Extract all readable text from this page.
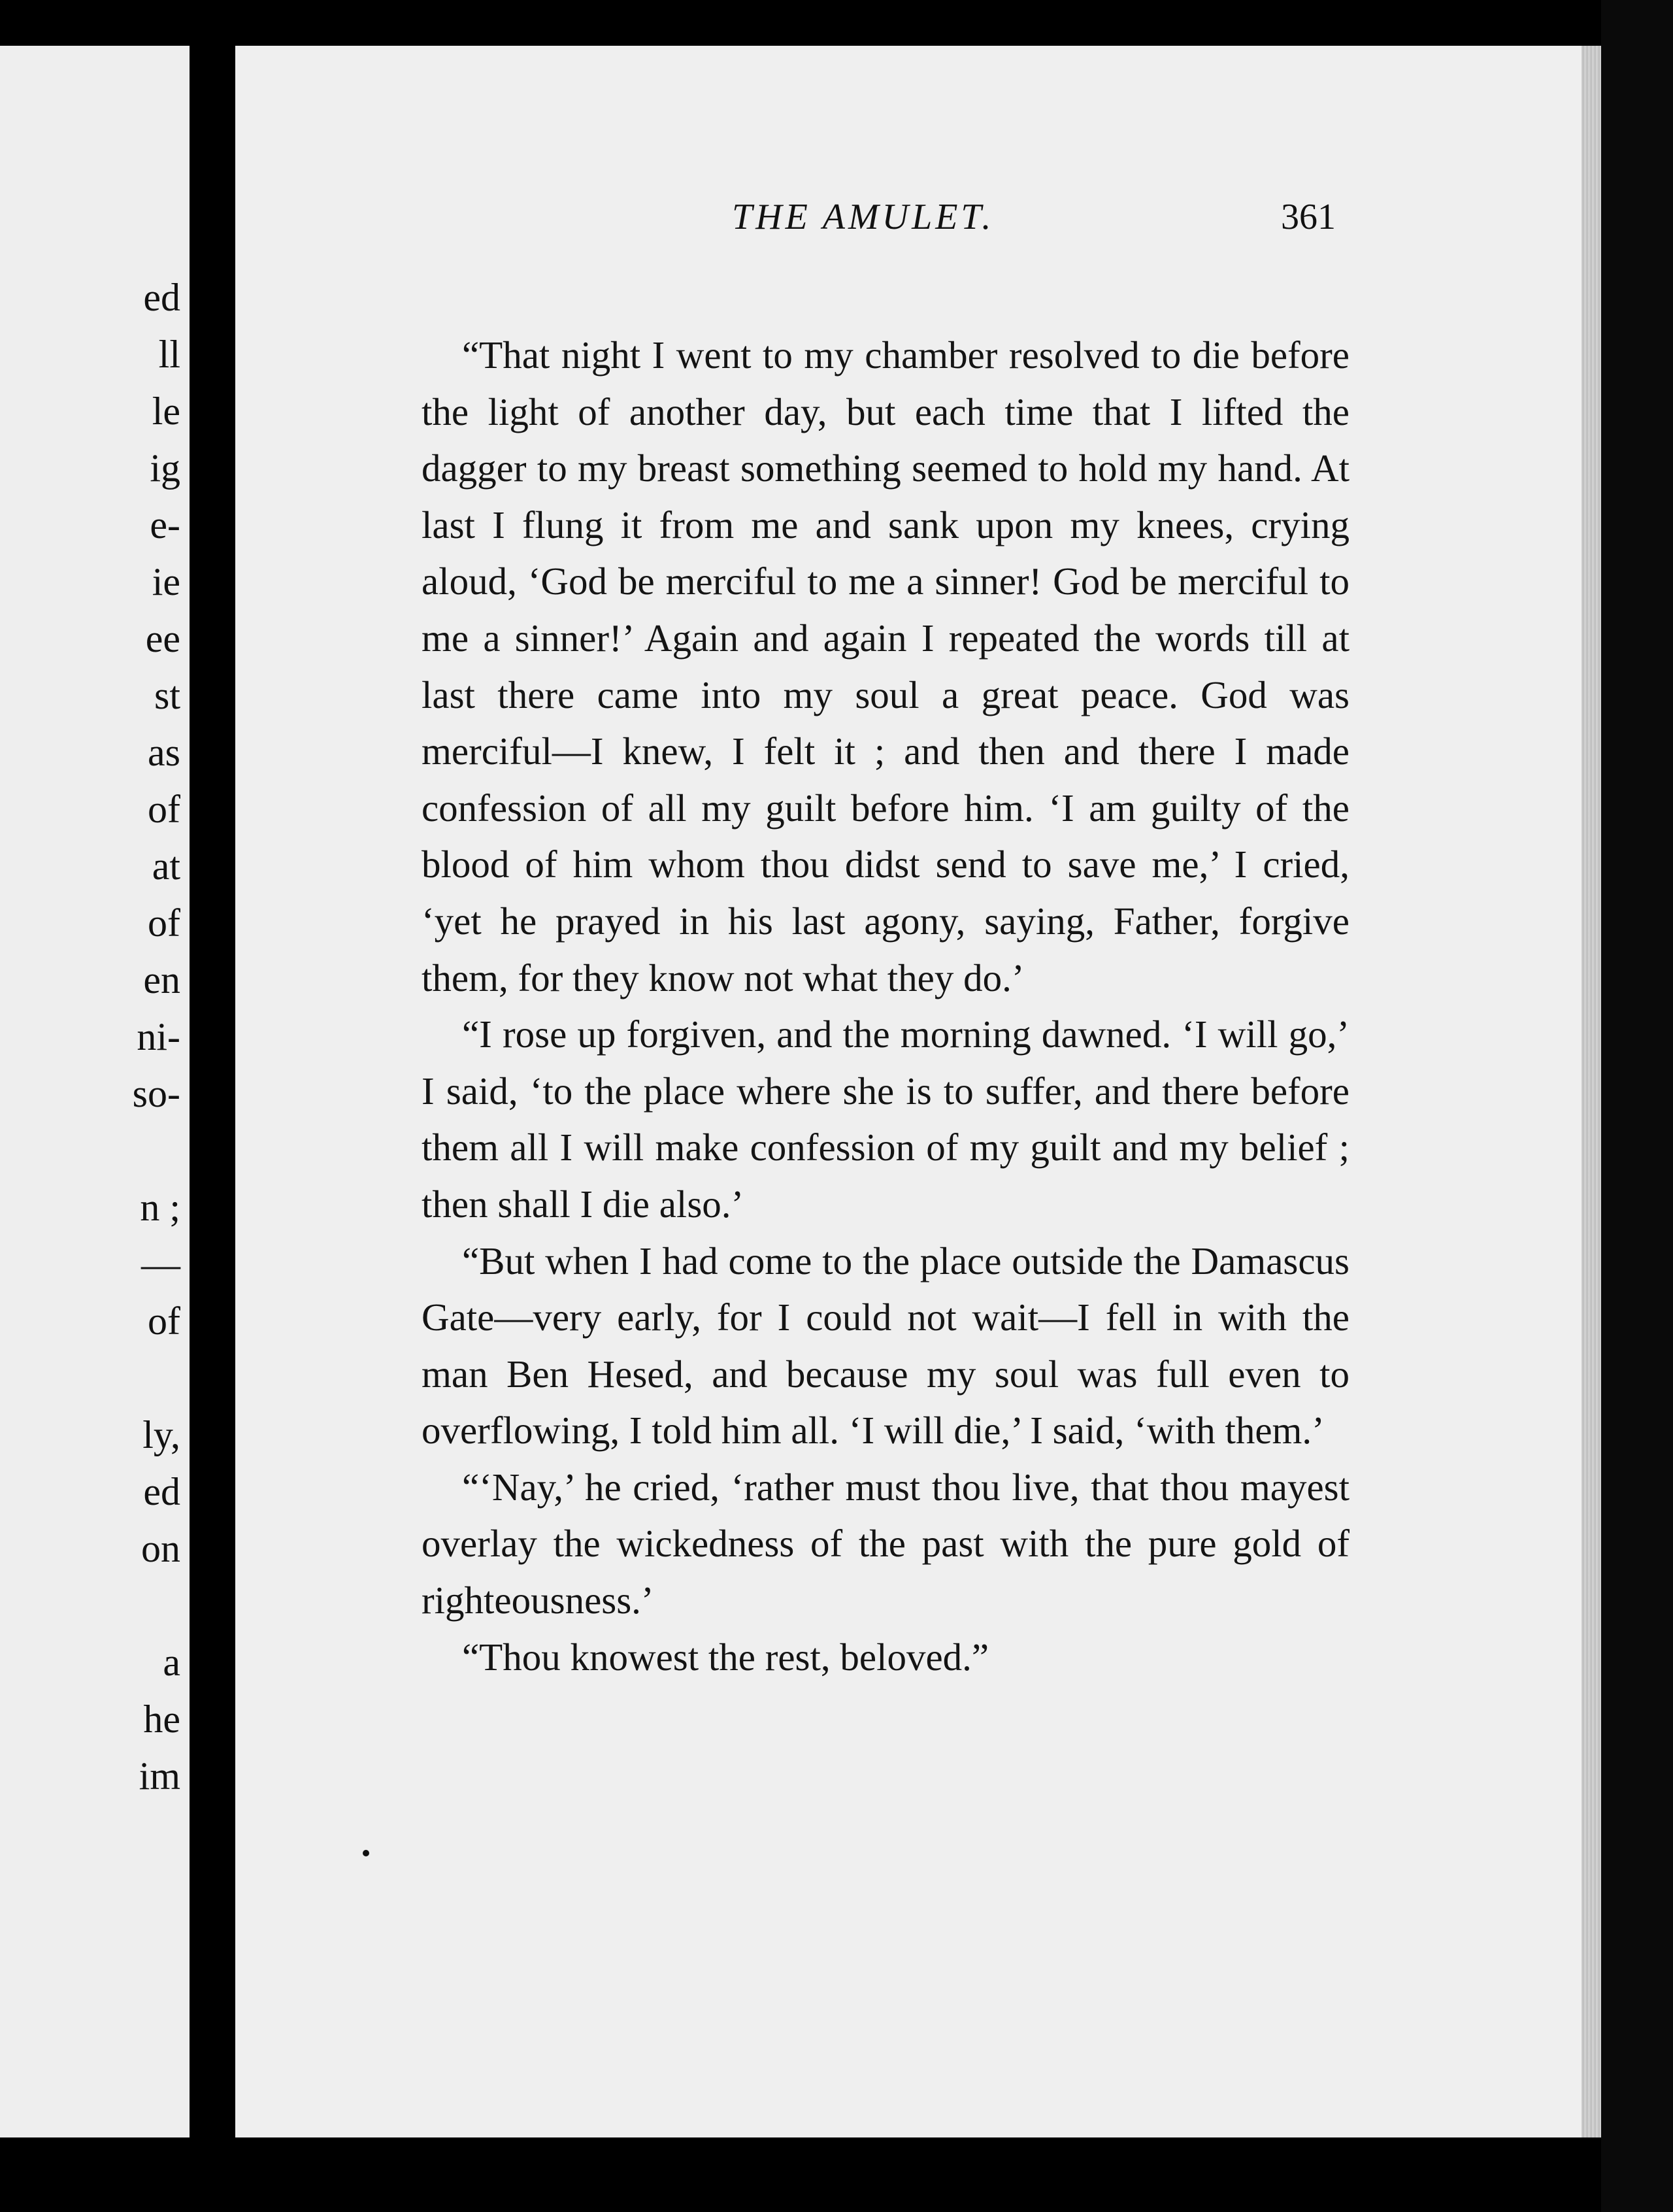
ed
ll
le
ig
e-
ie
ee
st
as
of
at
of
en
ni-
so-
n ;
—
of
ly,
ed
on
a
he
im
THE AMULET.	361

“That night I went to my chamber resolved to die before the light of another day, but each time that I lifted the dagger to my breast something seemed to hold my hand. At last I flung it from me and sank upon my knees, crying aloud, ‘God be merciful to me a sinner! God be merciful to me a sinner!’ Again and again I repeated the words till at last there came into my soul a great peace. God was merciful—I knew, I felt it ; and then and there I made confession of all my guilt before him. ‘I am guilty of the blood of him whom thou didst send to save me,’ I cried, ‘yet he prayed in his last agony, saying, Father, forgive them, for they know not what they do.’

“I rose up forgiven, and the morning dawned. ‘I will go,’ I said, ‘to the place where she is to suffer, and there before them all I will make confession of my guilt and my belief ; then shall I die also.’

“But when I had come to the place outside the Damascus Gate—very early, for I could not wait—I fell in with the man Ben Hesed, and because my soul was full even to overflowing, I told him all. ‘I will die,’ I said, ‘with them.’

“‘Nay,’ he cried, ‘rather must thou live, that thou mayest overlay the wickedness of the past with the pure gold of righteousness.’

“Thou knowest the rest, beloved.”
